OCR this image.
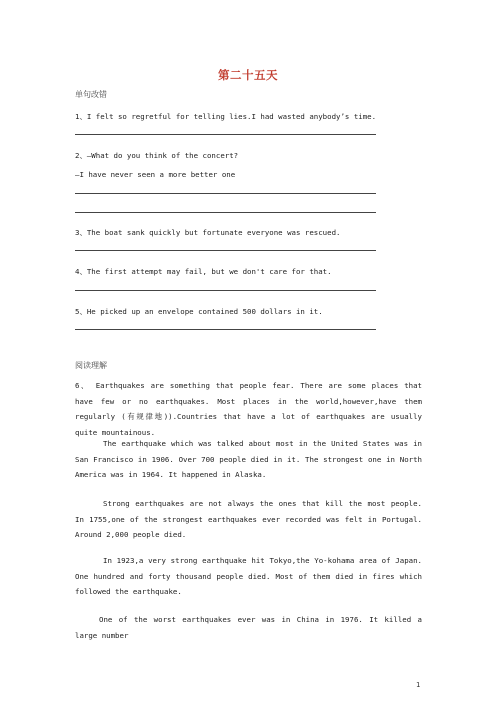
第二十五天
单句改错
1、I felt so regretful for telling lies.I had wasted anybody’s time.
2、—What do you think of the concert?
—I have never seen a more better one
3、The boat sank quickly but fortunate everyone was rescued.
4、The first attempt may fail, but we don't care for that.
5、He picked up an envelope contained 500 dollars in it.
阅读理解
6、 Earthquakes are something that people fear. There are some places that have few or no earthquakes. Most places in the world,however,have them regularly (有规律地)).Countries that have a lot of earthquakes are usually quite mountainous.
The earthquake which was talked about most in the United States was in San Francisco in 1906. Over 700 people died in it. The strongest one in North America was in 1964. It happened in Alaska.
Strong earthquakes are not always the ones that kill the most people. In 1755,one of the strongest earthquakes ever recorded was felt in Portugal. Around 2,000 people died.
In 1923,a very strong earthquake hit Tokyo,the Yo-kohama area of Japan. One hundred and forty thousand people died. Most of them died in fires which followed the earthquake.
One of the worst earthquakes ever was in China in 1976. It killed a large number
1
